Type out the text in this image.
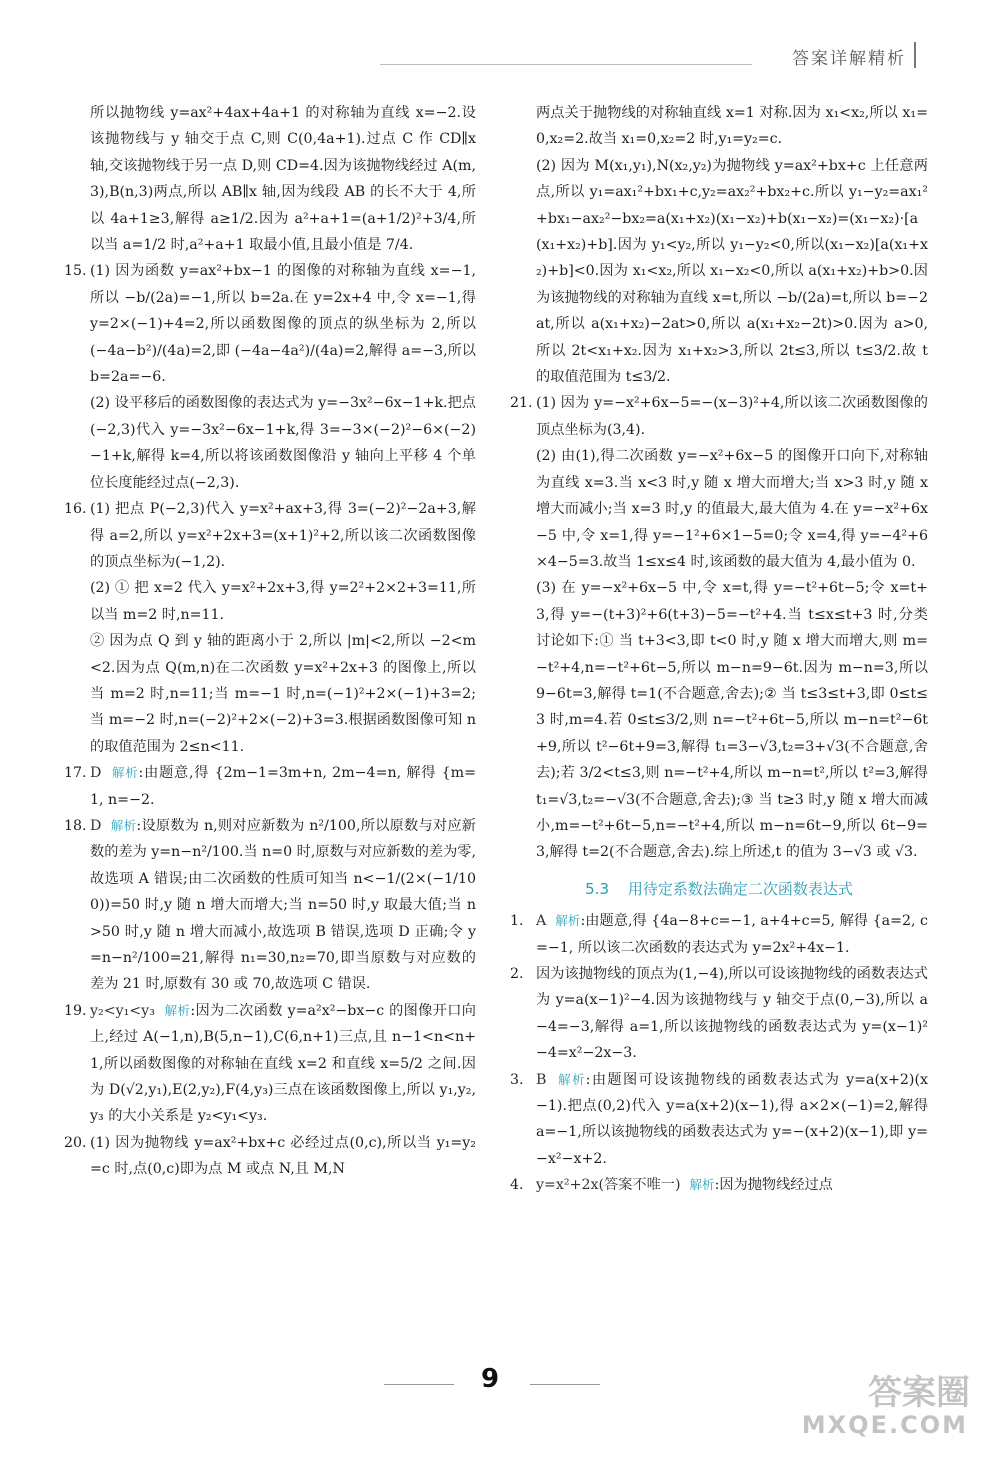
答案详解精析
所以抛物线 y=ax²+4ax+4a+1 的对称轴为直线 x=−2.设该抛物线与 y 轴交于点 C,则 C(0,4a+1).过点 C 作 CD∥x 轴,交该抛物线于另一点 D,则 CD=4.因为该抛物线经过 A(m,3),B(n,3)两点,所以 AB∥x 轴,因为线段 AB 的长不大于 4,所以 4a+1≥3,解得 a≥1/2.因为 a²+a+1=(a+1/2)²+3/4,所以当 a=1/2 时,a²+a+1 取最小值,且最小值是 7/4.
15. (1) 因为函数 y=ax²+bx−1 的图像的对称轴为直线 x=−1,所以 −b/(2a)=−1,所以 b=2a.在 y=2x+4 中,令 x=−1,得 y=2×(−1)+4=2,所以函数图像的顶点的纵坐标为 2,所以 (−4a−b²)/(4a)=2,即 (−4a−4a²)/(4a)=2,解得 a=−3,所以 b=2a=−6.
(2) 设平移后的函数图像的表达式为 y=−3x²−6x−1+k.把点(−2,3)代入 y=−3x²−6x−1+k,得 3=−3×(−2)²−6×(−2)−1+k,解得 k=4,所以将该函数图像沿 y 轴向上平移 4 个单位长度能经过点(−2,3).
16. (1) 把点 P(−2,3)代入 y=x²+ax+3,得 3=(−2)²−2a+3,解得 a=2,所以 y=x²+2x+3=(x+1)²+2,所以该二次函数图像的顶点坐标为(−1,2).
(2) ① 把 x=2 代入 y=x²+2x+3,得 y=2²+2×2+3=11,所以当 m=2 时,n=11.
② 因为点 Q 到 y 轴的距离小于 2,所以 |m|<2,所以 −2<m<2.因为点 Q(m,n)在二次函数 y=x²+2x+3 的图像上,所以当 m=2 时,n=11;当 m=−1 时,n=(−1)²+2×(−1)+3=2;当 m=−2 时,n=(−2)²+2×(−2)+3=3.根据函数图像可知 n 的取值范围为 2≤n<11.
17. D  解析:由题意,得 {2m−1=3m+n, 2m−4=n, 解得 {m=1, n=−2.
18. D  解析:设原数为 n,则对应新数为 n²/100,所以原数与对应新数的差为 y=n−n²/100.当 n=0 时,原数与对应新数的差为零,故选项 A 错误;由二次函数的性质可知当 n<−1/(2×(−1/100))=50 时,y 随 n 增大而增大;当 n=50 时,y 取最大值;当 n>50 时,y 随 n 增大而减小,故选项 B 错误,选项 D 正确;令 y=n−n²/100=21,解得 n₁=30,n₂=70,即当原数与对应数的差为 21 时,原数有 30 或 70,故选项 C 错误.
19. y₂<y₁<y₃  解析:因为二次函数 y=a²x²−bx−c 的图像开口向上,经过 A(−1,n),B(5,n−1),C(6,n+1)三点,且 n−1<n<n+1,所以函数图像的对称轴在直线 x=2 和直线 x=5/2 之间.因为 D(√2,y₁),E(2,y₂),F(4,y₃)三点在该函数图像上,所以 y₁,y₂,y₃ 的大小关系是 y₂<y₁<y₃.
20. (1) 因为抛物线 y=ax²+bx+c 必经过点(0,c),所以当 y₁=y₂=c 时,点(0,c)即为点 M 或点 N,且 M,N
两点关于抛物线的对称轴直线 x=1 对称.因为 x₁<x₂,所以 x₁=0,x₂=2.故当 x₁=0,x₂=2 时,y₁=y₂=c.
(2) 因为 M(x₁,y₁),N(x₂,y₂)为抛物线 y=ax²+bx+c 上任意两点,所以 y₁=ax₁²+bx₁+c,y₂=ax₂²+bx₂+c.所以 y₁−y₂=ax₁²+bx₁−ax₂²−bx₂=a(x₁+x₂)(x₁−x₂)+b(x₁−x₂)=(x₁−x₂)·[a(x₁+x₂)+b].因为 y₁<y₂,所以 y₁−y₂<0,所以(x₁−x₂)[a(x₁+x₂)+b]<0.因为 x₁<x₂,所以 x₁−x₂<0,所以 a(x₁+x₂)+b>0.因为该抛物线的对称轴为直线 x=t,所以 −b/(2a)=t,所以 b=−2at,所以 a(x₁+x₂)−2at>0,所以 a(x₁+x₂−2t)>0.因为 a>0,所以 2t<x₁+x₂.因为 x₁+x₂>3,所以 2t≤3,所以 t≤3/2.故 t 的取值范围为 t≤3/2.
21. (1) 因为 y=−x²+6x−5=−(x−3)²+4,所以该二次函数图像的顶点坐标为(3,4).
(2) 由(1),得二次函数 y=−x²+6x−5 的图像开口向下,对称轴为直线 x=3.当 x<3 时,y 随 x 增大而增大;当 x>3 时,y 随 x 增大而减小;当 x=3 时,y 的值最大,最大值为 4.在 y=−x²+6x−5 中,令 x=1,得 y=−1²+6×1−5=0;令 x=4,得 y=−4²+6×4−5=3.故当 1≤x≤4 时,该函数的最大值为 4,最小值为 0.
(3) 在 y=−x²+6x−5 中,令 x=t,得 y=−t²+6t−5;令 x=t+3,得 y=−(t+3)²+6(t+3)−5=−t²+4.当 t≤x≤t+3 时,分类讨论如下:① 当 t+3<3,即 t<0 时,y 随 x 增大而增大,则 m=−t²+4,n=−t²+6t−5,所以 m−n=9−6t.因为 m−n=3,所以 9−6t=3,解得 t=1(不合题意,舍去);② 当 t≤3≤t+3,即 0≤t≤3 时,m=4.若 0≤t≤3/2,则 n=−t²+6t−5,所以 m−n=t²−6t+9,所以 t²−6t+9=3,解得 t₁=3−√3,t₂=3+√3(不合题意,舍去);若 3/2<t≤3,则 n=−t²+4,所以 m−n=t²,所以 t²=3,解得 t₁=√3,t₂=−√3(不合题意,舍去);③ 当 t≥3 时,y 随 x 增大而减小,m=−t²+6t−5,n=−t²+4,所以 m−n=6t−9,所以 6t−9=3,解得 t=2(不合题意,舍去).综上所述,t 的值为 3−√3 或 √3.
5.3 用待定系数法确定二次函数表达式
1. A  解析:由题意,得 {4a−8+c=−1, a+4+c=5, 解得 {a=2, c=−1, 所以该二次函数的表达式为 y=2x²+4x−1.
2. 因为该抛物线的顶点为(1,−4),所以可设该抛物线的函数表达式为 y=a(x−1)²−4.因为该抛物线与 y 轴交于点(0,−3),所以 a−4=−3,解得 a=1,所以该抛物线的函数表达式为 y=(x−1)²−4=x²−2x−3.
3. B  解析:由题图可设该抛物线的函数表达式为 y=a(x+2)(x−1).把点(0,2)代入 y=a(x+2)(x−1),得 a×2×(−1)=2,解得 a=−1,所以该抛物线的函数表达式为 y=−(x+2)(x−1),即 y=−x²−x+2.
4. y=x²+2x(答案不唯一)  解析:因为抛物线经过点
9	答案圈
MXQE.COM
